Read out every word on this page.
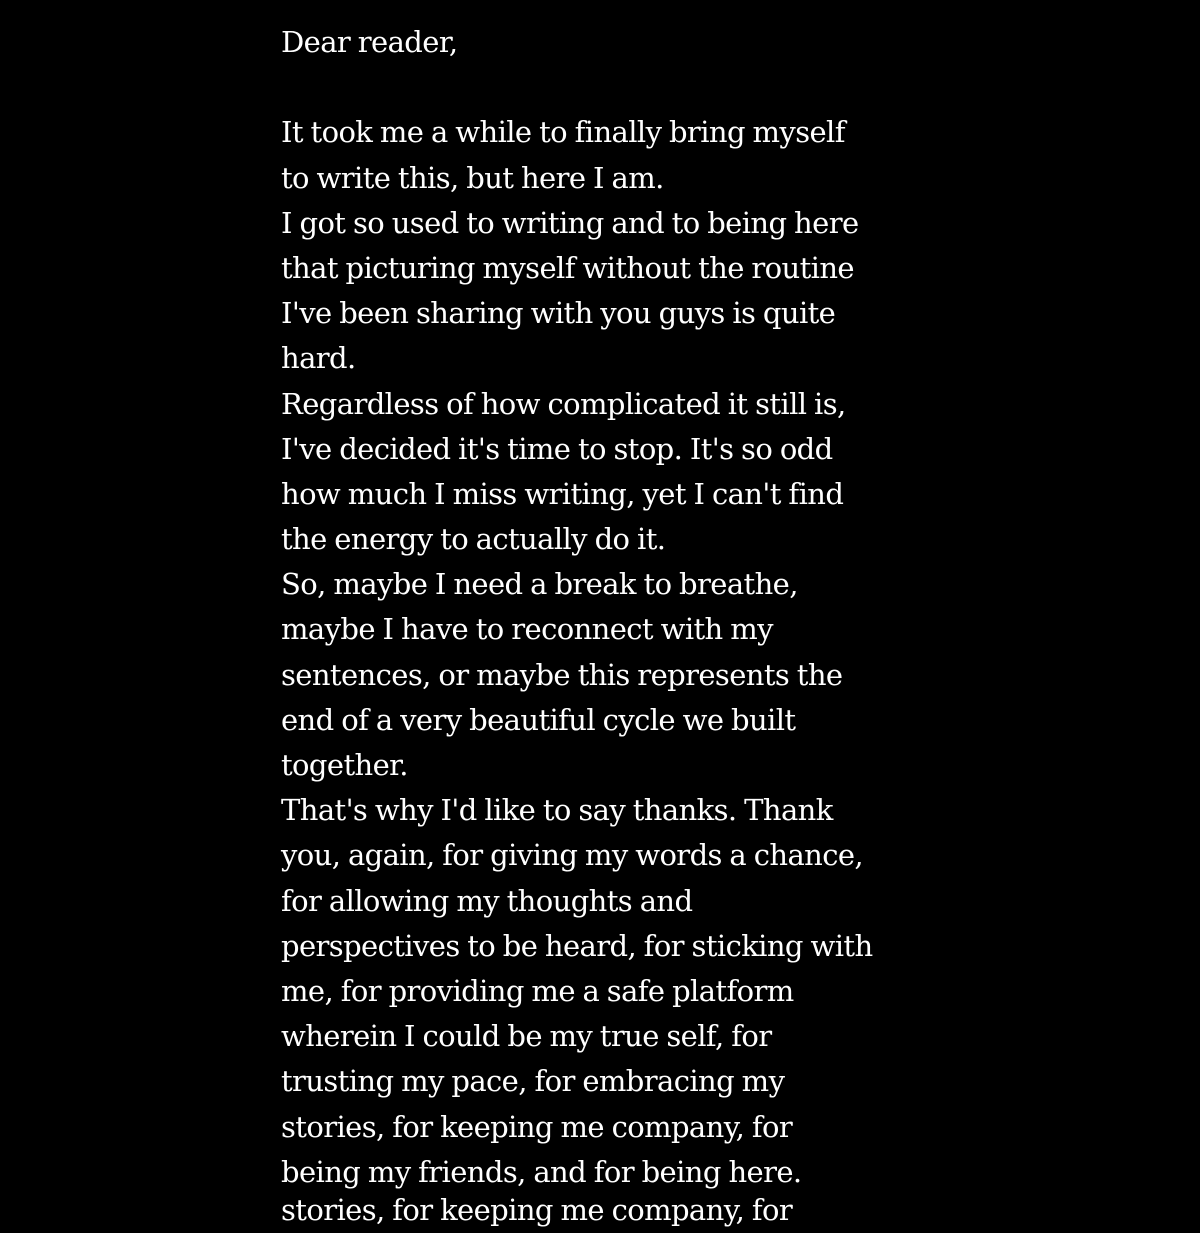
Dear reader,
It took me a while to finally bring myself
to write this, but here I am.
I got so used to writing and to being here
that picturing myself without the routine
I've been sharing with you guys is quite
hard.
Regardless of how complicated it still is,
I've decided it's time to stop. It's so odd
how much I miss writing, yet I can't find
the energy to actually do it.
So, maybe I need a break to breathe,
maybe I have to reconnect with my
sentences, or maybe this represents the
end of a very beautiful cycle we built
together.
That's why I'd like to say thanks. Thank
you, again, for giving my words a chance,
for allowing my thoughts and
perspectives to be heard, for sticking with
me, for providing me a safe platform
wherein I could be my true self, for
trusting my pace, for embracing my
stories, for keeping me company, for
being my friends, and for being here.
stories, for keeping me company, for
